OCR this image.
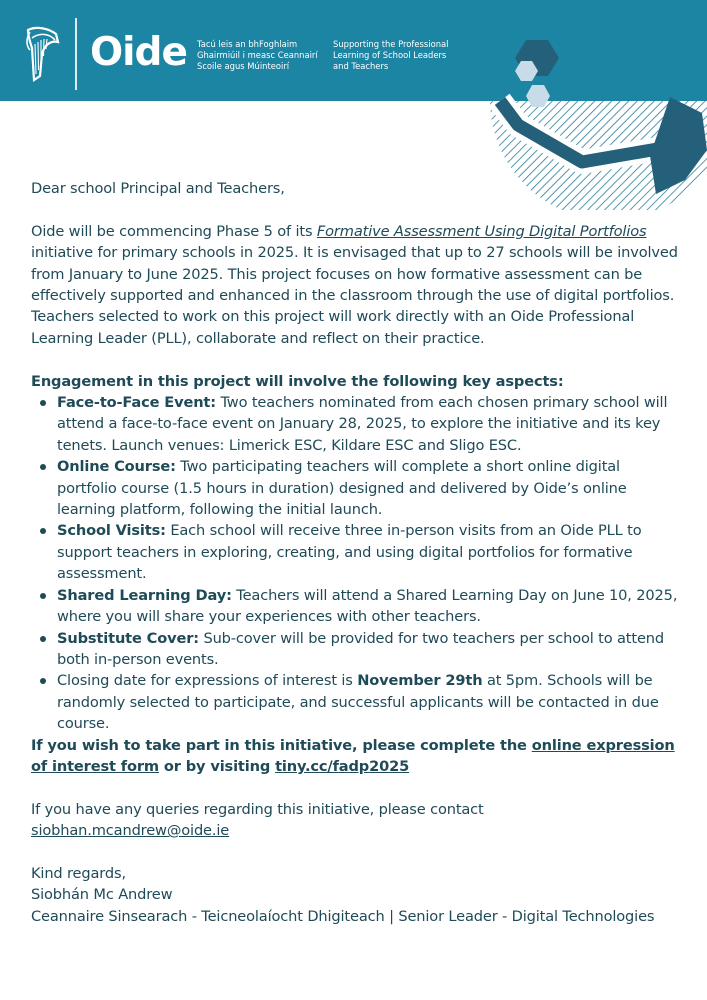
Oide Tacú leis an bhFoghlaim
Ghairmiúil i measc Ceannairí
Scoile agus Múinteoirí
Supporting the Professional
Learning of School Leaders
and Teachers

Dear school Principal and Teachers,

Oide will be commencing Phase 5 of its Formative Assessment Using Digital Portfolios initiative for primary schools in 2025. It is envisaged that up to 27 schools will be involved from January to June 2025. This project focuses on how formative assessment can be effectively supported and enhanced in the classroom through the use of digital portfolios. Teachers selected to work on this project will work directly with an Oide Professional Learning Leader (PLL), collaborate and reflect on their practice.

Engagement in this project will involve the following key aspects:

Face-to-Face Event: Two teachers nominated from each chosen primary school will attend a face-to-face event on January 28, 2025, to explore the initiative and its key tenets. Launch venues: Limerick ESC, Kildare ESC and Sligo ESC.
Online Course: Two participating teachers will complete a short online digital portfolio course (1.5 hours in duration) designed and delivered by Oide’s online learning platform, following the initial launch.
School Visits: Each school will receive three in-person visits from an Oide PLL to support teachers in exploring, creating, and using digital portfolios for formative assessment.
Shared Learning Day: Teachers will attend a Shared Learning Day on June 10, 2025, where you will share your experiences with other teachers.
Substitute Cover: Sub-cover will be provided for two teachers per school to attend both in-person events.
Closing date for expressions of interest is November 29th at 5pm. Schools will be randomly selected to participate, and successful applicants will be contacted in due course.

If you wish to take part in this initiative, please complete the online expression of interest form or by visiting tiny.cc/fadp2025

If you have any queries regarding this initiative, please contact

siobhan.mcandrew@oide.ie

Kind regards,

Siobhán Mc Andrew

Ceannaire Sinsearach - Teicneolaíocht Dhigiteach | Senior Leader - Digital Technologies
